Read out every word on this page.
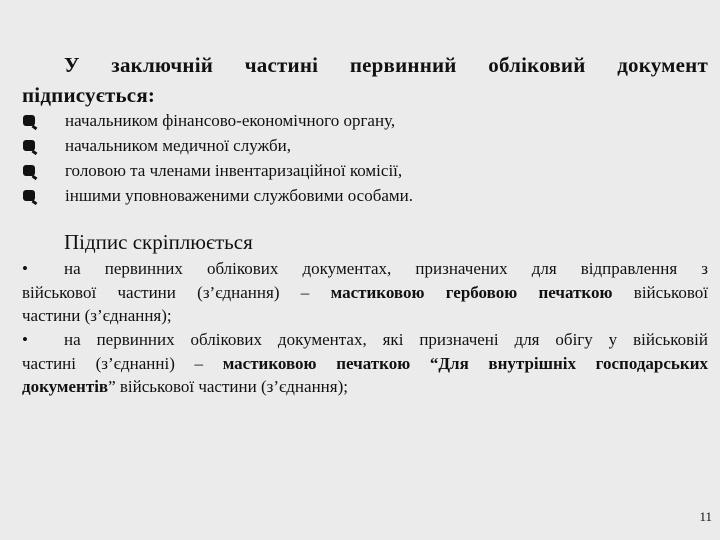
У заключній частині первинний обліковий документ
підписується:
начальником фінансово-економічного органу,
начальником медичної служби,
головою та членами інвентаризаційної комісії,
іншими уповноваженими службовими особами.
Підпис скріплюється
• на первинних облікових документах, призначених для відправлення з
військової частини (з’єднання) – мастиковою гербовою печаткою військової
частини (з’єднання);
• на первинних облікових документах, які призначені для обігу у військовій
частині (з’єднанні) – мастиковою печаткою “Для внутрішніх господарських
документів” військової частини (з’єднання);
11
